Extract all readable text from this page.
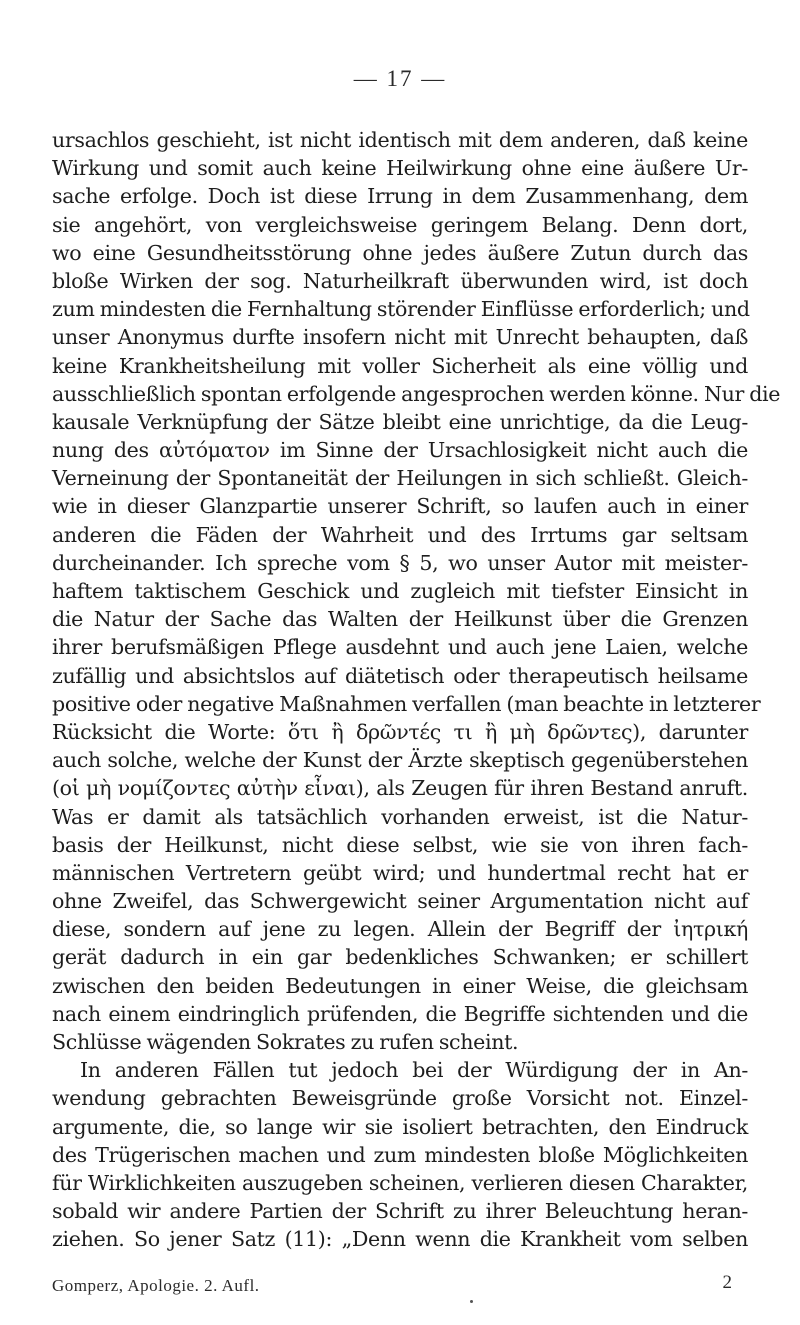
— 17 —
ursachlos geschieht, ist nicht identisch mit dem anderen, daß keine
Wirkung und somit auch keine Heilwirkung ohne eine äußere Ur-
sache erfolge. Doch ist diese Irrung in dem Zusammenhang, dem
sie angehört, von vergleichsweise geringem Belang. Denn dort,
wo eine Gesundheitsstörung ohne jedes äußere Zutun durch das
bloße Wirken der sog. Naturheilkraft überwunden wird, ist doch
zum mindesten die Fernhaltung störender Einflüsse erforderlich; und
unser Anonymus durfte insofern nicht mit Unrecht behaupten, daß
keine Krankheitsheilung mit voller Sicherheit als eine völlig und
ausschließlich spontan erfolgende angesprochen werden könne. Nur die
kausale Verknüpfung der Sätze bleibt eine unrichtige, da die Leug-
nung des αὐτόματον im Sinne der Ursachlosigkeit nicht auch die
Verneinung der Spontaneität der Heilungen in sich schließt. Gleich-
wie in dieser Glanzpartie unserer Schrift, so laufen auch in einer
anderen die Fäden der Wahrheit und des Irrtums gar seltsam
durcheinander. Ich spreche vom § 5, wo unser Autor mit meister-
haftem taktischem Geschick und zugleich mit tiefster Einsicht in
die Natur der Sache das Walten der Heilkunst über die Grenzen
ihrer berufsmäßigen Pflege ausdehnt und auch jene Laien, welche
zufällig und absichtslos auf diätetisch oder therapeutisch heilsame
positive oder negative Maßnahmen verfallen (man beachte in letzterer
Rücksicht die Worte: ὅτι ἢ δρῶντές τι ἢ μὴ δρῶντες), darunter
auch solche, welche der Kunst der Ärzte skeptisch gegenüberstehen
(οἱ μὴ νομίζοντες αὐτὴν εἶναι), als Zeugen für ihren Bestand anruft.
Was er damit als tatsächlich vorhanden erweist, ist die Natur-
basis der Heilkunst, nicht diese selbst, wie sie von ihren fach-
männischen Vertretern geübt wird; und hundertmal recht hat er
ohne Zweifel, das Schwergewicht seiner Argumentation nicht auf
diese, sondern auf jene zu legen. Allein der Begriff der ἰητρική
gerät dadurch in ein gar bedenkliches Schwanken; er schillert
zwischen den beiden Bedeutungen in einer Weise, die gleichsam
nach einem eindringlich prüfenden, die Begriffe sichtenden und die
Schlüsse wägenden Sokrates zu rufen scheint.
In anderen Fällen tut jedoch bei der Würdigung der in An-
wendung gebrachten Beweisgründe große Vorsicht not. Einzel-
argumente, die, so lange wir sie isoliert betrachten, den Eindruck
des Trügerischen machen und zum mindesten bloße Möglichkeiten
für Wirklichkeiten auszugeben scheinen, verlieren diesen Charakter,
sobald wir andere Partien der Schrift zu ihrer Beleuchtung heran-
ziehen. So jener Satz (11): „Denn wenn die Krankheit vom selben
Gomperz, Apologie. 2. Aufl.	2
